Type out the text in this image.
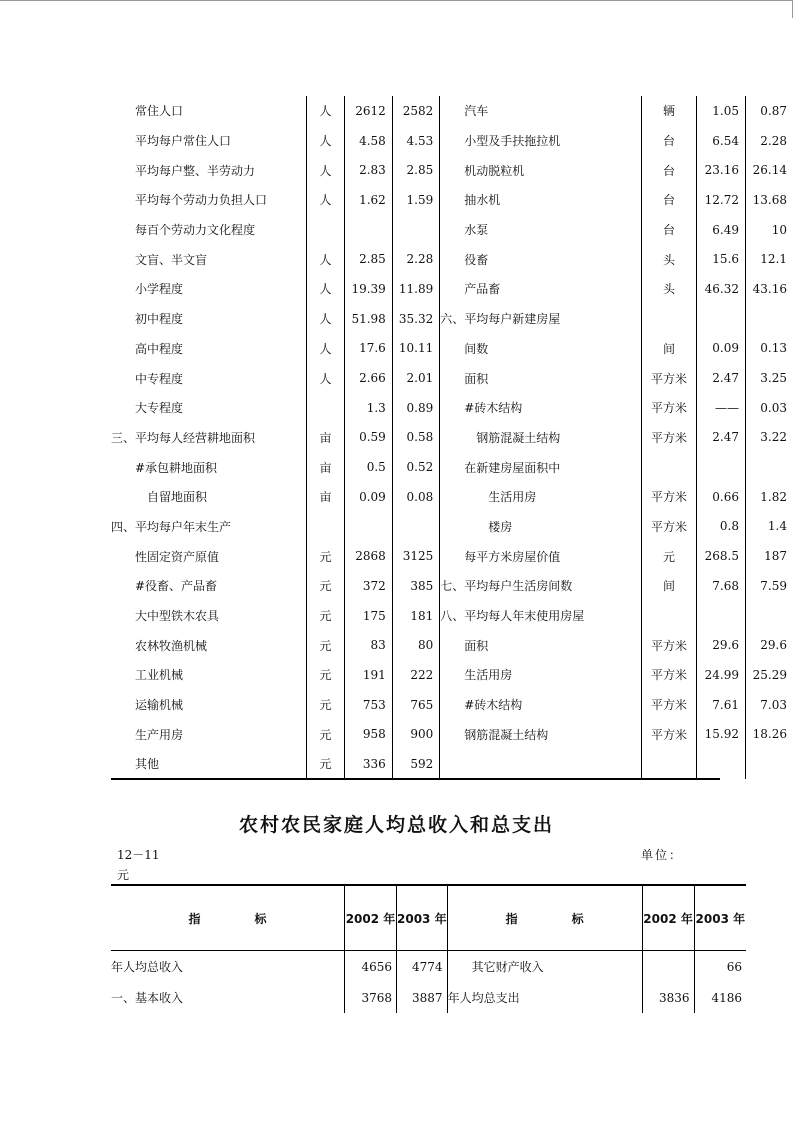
常住人口	人	2612	2582	汽车	辆	1.05	0.87
平均每户常住人口	人	4.58	4.53	小型及手扶拖拉机	台	6.54	2.28
平均每户整、半劳动力	人	2.83	2.85	机动脱粒机	台	23.16	26.14
平均每个劳动力负担人口	人	1.62	1.59	抽水机	台	12.72	13.68
每百个劳动力文化程度				水泵	台	6.49	10
文盲、半文盲	人	2.85	2.28	役畜	头	15.6	12.1
小学程度	人	19.39	11.89	产品畜	头	46.32	43.16
初中程度	人	51.98	35.32	六、平均每户新建房屋			
高中程度	人	17.6	10.11	间数	间	0.09	0.13
中专程度	人	2.66	2.01	面积	平方米	2.47	3.25
大专程度		1.3	0.89	#砖木结构	平方米	——	0.03
三、平均每人经营耕地面积	亩	0.59	0.58	钢筋混凝土结构	平方米	2.47	3.22
#承包耕地面积	亩	0.5	0.52	在新建房屋面积中			
自留地面积	亩	0.09	0.08	生活用房	平方米	0.66	1.82
四、平均每户年末生产				楼房	平方米	0.8	1.4
性固定资产原值	元	2868	3125	每平方米房屋价值	元	268.5	187
#役畜、产品畜	元	372	385	七、平均每户生活房间数	间	7.68	7.59
大中型铁木农具	元	175	181	八、平均每人年末使用房屋			
农林牧渔机械	元	83	80	面积	平方米	29.6	29.6
工业机械	元	191	222	生活用房	平方米	24.99	25.29
运输机械	元	753	765	#砖木结构	平方米	7.61	7.03
生产用房	元	958	900	钢筋混凝土结构	平方米	15.92	18.26
其他	元	336	592				
农村农民家庭人均总收入和总支出
12－11	单位：
元
指 标	2002 年	2003 年	指 标	2002 年	2003 年
年人均总收入	4656	4774	其它财产收入		66
一、基本收入	3768	3887	年人均总支出	3836	4186
